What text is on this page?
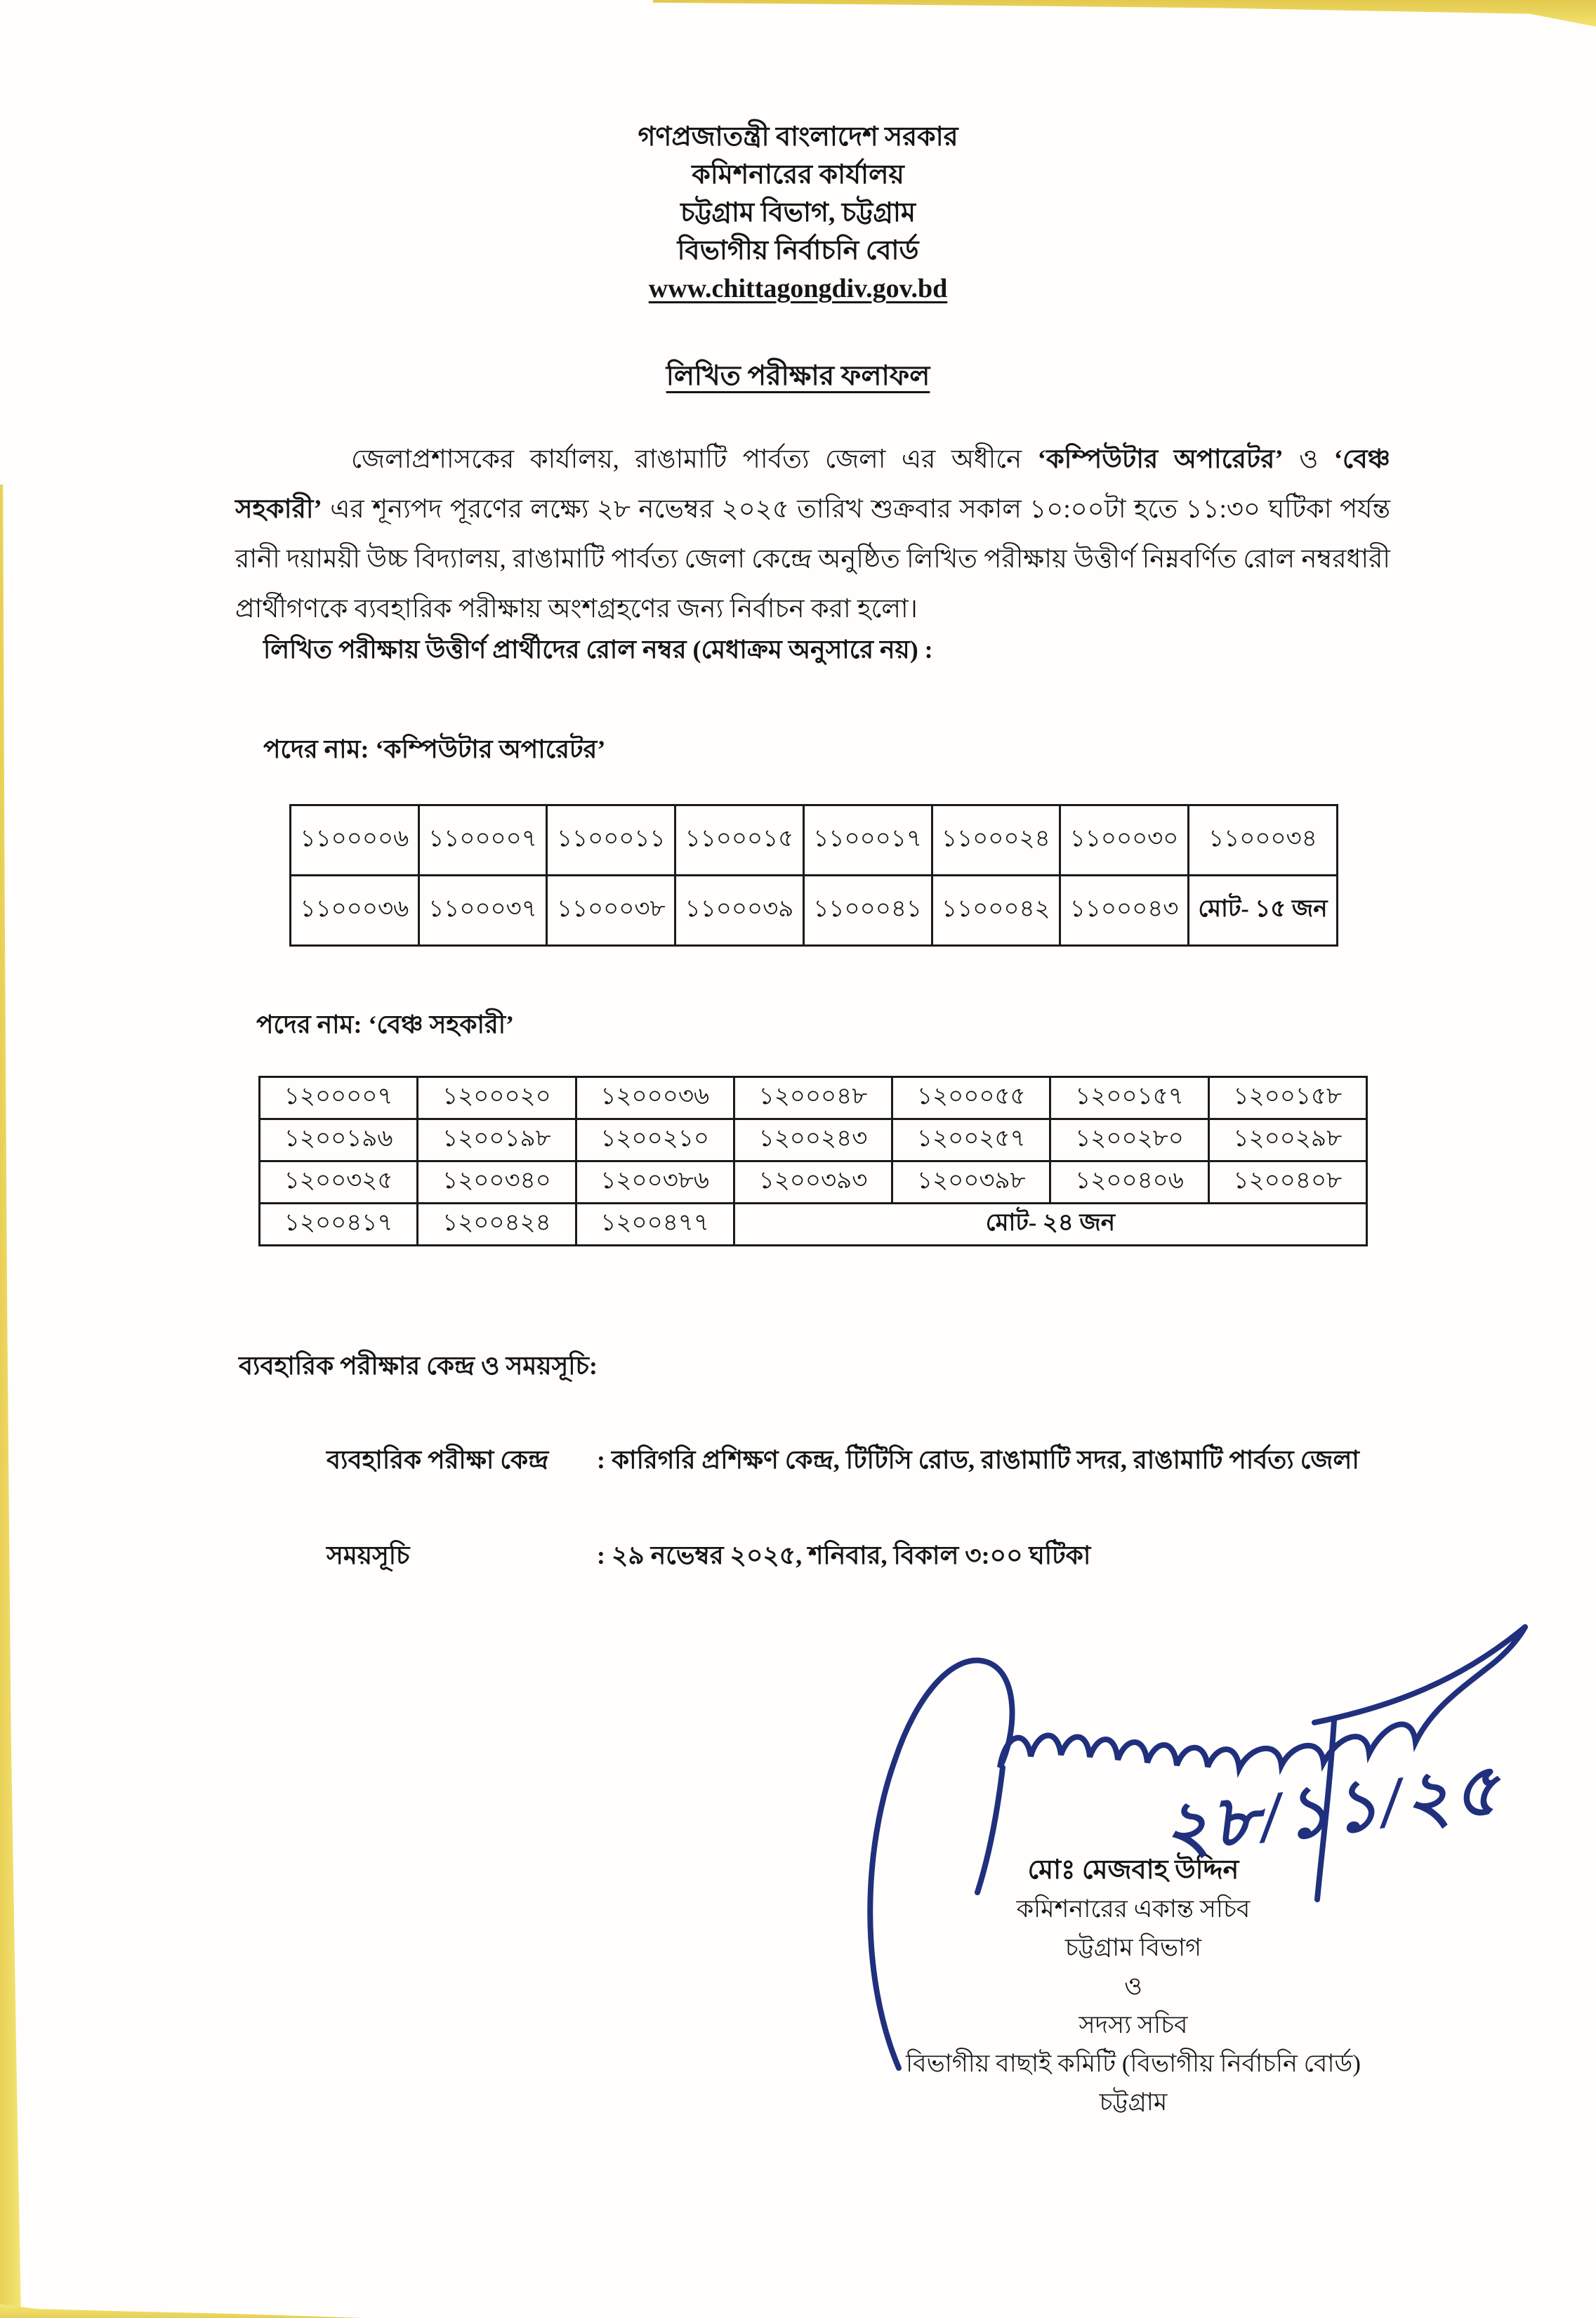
গণপ্রজাতন্ত্রী বাংলাদেশ সরকার
কমিশনারের কার্যালয়
চট্টগ্রাম বিভাগ, চট্টগ্রাম
বিভাগীয় নির্বাচনি বোর্ড
www.chittagongdiv.gov.bd
লিখিত পরীক্ষার ফলাফল

জেলাপ্রশাসকের কার্যালয়, রাঙামাটি পার্বত্য জেলা এর অধীনে ‘কম্পিউটার অপারেটর’ ও ‘বেঞ্চ সহকারী’ এর শূন্যপদ পূরণের লক্ষ্যে ২৮ নভেম্বর ২০২৫ তারিখ শুক্রবার সকাল ১০:০০টা হতে ১১:৩০ ঘটিকা পর্যন্ত রানী দয়াময়ী উচ্চ বিদ্যালয়, রাঙামাটি পার্বত্য জেলা কেন্দ্রে অনুষ্ঠিত লিখিত পরীক্ষায় উত্তীর্ণ নিম্নবর্ণিত রোল নম্বরধারী প্রার্থীগণকে ব্যবহারিক পরীক্ষায় অংশগ্রহণের জন্য নির্বাচন করা হলো।

লিখিত পরীক্ষায় উত্তীর্ণ প্রার্থীদের রোল নম্বর (মেধাক্রম অনুসারে নয়) :
পদের নাম: ‘কম্পিউটার অপারেটর’
১১০০০০৬	১১০০০০৭	১১০০০১১	১১০০০১৫	১১০০০১৭	১১০০০২৪	১১০০০৩০	১১০০০৩৪
১১০০০৩৬	১১০০০৩৭	১১০০০৩৮	১১০০০৩৯	১১০০০৪১	১১০০০৪২	১১০০০৪৩	মোট- ১৫ জন
পদের নাম: ‘বেঞ্চ সহকারী’
১২০০০০৭	১২০০০২০	১২০০০৩৬	১২০০০৪৮	১২০০০৫৫	১২০০১৫৭	১২০০১৫৮
১২০০১৯৬	১২০০১৯৮	১২০০২১০	১২০০২৪৩	১২০০২৫৭	১২০০২৮০	১২০০২৯৮
১২০০৩২৫	১২০০৩৪০	১২০০৩৮৬	১২০০৩৯৩	১২০০৩৯৮	১২০০৪০৬	১২০০৪০৮
১২০০৪১৭	১২০০৪২৪	১২০০৪৭৭	মোট- ২৪ জন			
ব্যবহারিক পরীক্ষার কেন্দ্র ও সময়সূচি:
ব্যবহারিক পরীক্ষা কেন্দ্র : কারিগরি প্রশিক্ষণ কেন্দ্র, টিটিসি রোড, রাঙামাটি সদর, রাঙামাটি পার্বত্য জেলা
সময়সূচি	: ২৯ নভেম্বর ২০২৫, শনিবার, বিকাল ৩:০০ ঘটিকা
২৮/১১/২৫
মোঃ মেজবাহ উদ্দিন
কমিশনারের একান্ত সচিব
চট্টগ্রাম বিভাগ
ও
সদস্য সচিব
বিভাগীয় বাছাই কমিটি (বিভাগীয় নির্বাচনি বোর্ড)
চট্টগ্রাম
